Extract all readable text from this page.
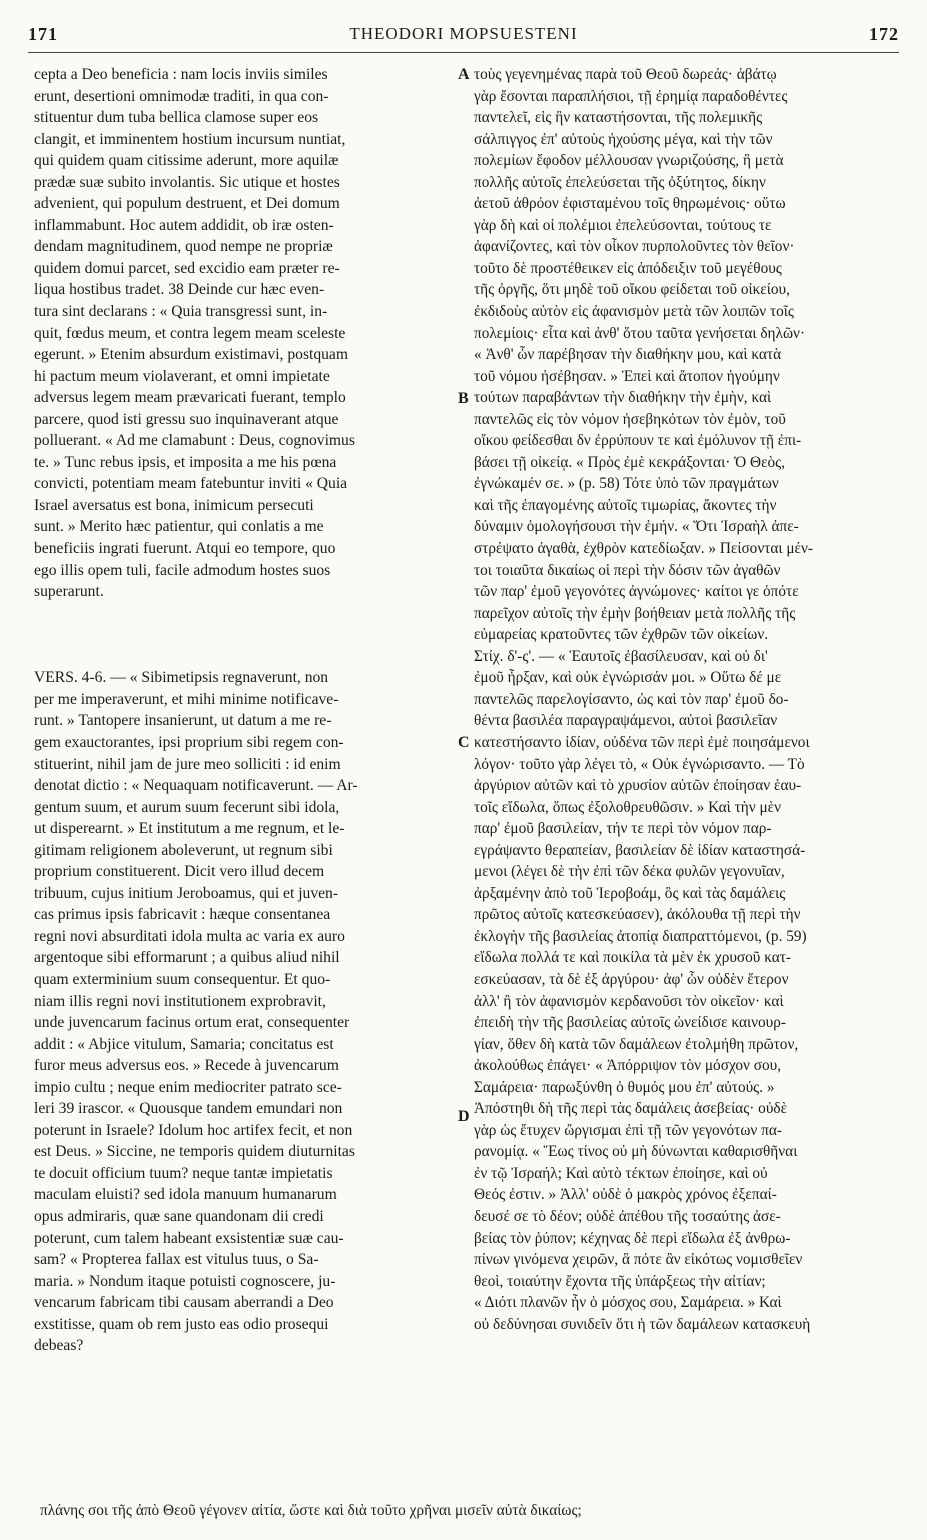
171	THEODORI MOPSUESTENI	172
cepta a Deo beneficia : nam locis inviis similes
erunt, desertioni omnimodæ traditi, in qua con-
stituentur dum tuba bellica clamose super eos
clangit, et imminentem hostium incursum nuntiat,
qui quidem quam citissime aderunt, more aquilæ
prædæ suæ subito involantis. Sic utique et hostes
advenient, qui populum destruent, et Dei domum
inflammabunt. Hoc autem addidit, ob iræ osten-
dendam magnitudinem, quod nempe ne propriæ
quidem domui parcet, sed excidio eam præter re-
liqua hostibus tradet. 38 Deinde cur hæc even-
tura sint declarans : « Quia transgressi sunt, in-
quit, fœdus meum, et contra legem meam scelestе
egerunt. » Etenim absurdum existimavi, postquam
hi pactum meum violaverant, et omni impietate
adversus legem meam prævaricati fuerant, templo
parcere, quod isti gressu suo inquinaverant atque
polluerant. « Ad me clamabunt : Deus, cognovimus
te. » Tunc rebus ipsis, et imposita a me his pœna
convicti, potentiam meam fatebuntur inviti « Quia
Israel aversatus est bona, inimicum persecuti
sunt. » Merito hæc patientur, qui conlatis a me
beneficiis ingrati fuerunt. Atqui eo tempore, quo
ego illis opem tuli, facile admodum hostes suos
superarunt.
VERS. 4-6. — « Sibimetipsis regnaverunt, non
per me imperaverunt, et mihi minime notificave-
runt. » Tantopere insanierunt, ut datum a me re-
gem exauctorantes, ipsi proprium sibi regem con-
stituerint, nihil jam de jure meo solliciti : id enim
denotat dictio : « Nequaquam notificaverunt. — Ar-
gentum suum, et aurum suum fecerunt sibi idola,
ut disperearnt. » Et institutum a me regnum, et le-
gitimam religionem aboleverunt, ut regnum sibi
proprium constituerent. Dicit vero illud decem
tribuum, cujus initium Jeroboamus, qui et juven-
cas primus ipsis fabricavit : hæque consentanea
regni novi absurditati idola multa ac varia ex auro
argentoque sibi efformarunt ; a quibus aliud nihil
quam exterminium suum consequentur. Et quo-
niam illis regni novi institutionem exprobravit,
unde juvencarum facinus ortum erat, consequenter
addit : « Abjice vitulum, Samaria; concitatus est
furor meus adversus eos. » Recede à juvencarum
impio cultu ; neque enim mediocriter patrato sce-
leri 39 irascor. « Quousque tandem emundari non
poterunt in Israele? Idolum hoc artifex fecit, et non
est Deus. » Siccine, ne temporis quidem diuturnitas
te docuit officium tuum? neque tantæ impietatis
maculam eluisti? sed idola manuum humanarum
opus admiraris, quæ sane quandonam dii credi
poterunt, cum talem habeant exsistentiæ suæ cau-
sam? « Propterea fallax est vitulus tuus, o Sa-
maria. » Nondum itaque potuisti cognoscere, ju-
vencarum fabricam tibi causam aberrandi a Deo
exstitisse, quam ob rem justo eas odio prosequi
debeas?
τοὺς γεγενημένας παρὰ τοῦ Θεοῦ δωρεάς· ἀβάτῳ
γὰρ ἔσονται παραπλήσιοι, τῇ ἐρημίᾳ παραδοθέντες
παντελεῖ, εἰς ἣν καταστήσονται, τῆς πολεμικῆς
σάλπιγγος ἐπ' αὐτοὺς ἠχούσης μέγα, καὶ τὴν τῶν
πολεμίων ἔφοδον μέλλουσαν γνωριζούσης, ἣ μετὰ
πολλῆς αὐτοῖς ἐπελεύσεται τῆς ὀξύτητος, δίκην
ἀετοῦ ἀθρόον ἐφισταμένου τοῖς θηρωμένοις· οὕτω
γὰρ δὴ καὶ οἱ πολέμιοι ἐπελεύσονται, τούτους τε
ἀφανίζοντες, καὶ τὸν οἶκον πυρπολοῦντες τὸν θεῖον·
τοῦτο δὲ προστέθεικεν εἰς ἀπόδειξιν τοῦ μεγέθους
τῆς ὀργῆς, ὅτι μηδὲ τοῦ οἴκου φείδεται τοῦ οἰκείου,
ἐκδιδοὺς αὐτὸν εἰς ἀφανισμὸν μετὰ τῶν λοιπῶν τοῖς
πολεμίοις· εἶτα καὶ ἀνθ' ὅτου ταῦτα γενήσεται δηλῶν·
« Ἀνθ' ὧν παρέβησαν τὴν διαθήκην μου, καὶ κατὰ
τοῦ νόμου ἠσέβησαν. » Ἐπεὶ καὶ ἄτοπον ἡγούμην
τούτων παραβάντων τὴν διαθήκην τὴν ἐμὴν, καὶ
παντελῶς εἰς τὸν νόμον ἠσεβηκότων τὸν ἐμὸν, τοῦ
οἴκου φείδεσθαι δν ἐρρύπουν τε καὶ ἐμόλυνον τῇ ἐπι-
βάσει τῇ οἰκείᾳ. « Πρὸς ἐμὲ κεκράξονται· Ὁ Θεὸς,
ἐγνώκαμέν σε. » (p. 58) Τότε ὑπὸ τῶν πραγμάτων
καὶ τῆς ἐπαγομένης αὐτοῖς τιμωρίας, ἄκοντες τὴν
δύναμιν ὁμολογήσουσι τὴν ἐμήν. « Ὅτι Ἰσραὴλ ἀπε-
στρέψατο ἀγαθὰ, ἐχθρὸν κατεδίωξαν. » Πείσονται μέν-
τοι τοιαῦτα δικαίως οἱ περὶ τὴν δόσιν τῶν ἀγαθῶν
τῶν παρ' ἐμοῦ γεγονότες ἀγνώμονες· καίτοι γε ὁπότε
παρεῖχον αὐτοῖς τὴν ἐμὴν βοήθειαν μετὰ πολλῆς τῆς
εὐμαρείας κρατοῦντες τῶν ἐχθρῶν τῶν οἰκείων.
Στίχ. δ'-ς'. — « Ἑαυτοῖς ἐβασίλευσαν, καὶ οὐ δι'
ἐμοῦ ἦρξαν, καὶ οὐκ ἐγνώρισάν μοι. » Οὕτω δέ με
παντελῶς παρελογίσαντο, ὡς καὶ τὸν παρ' ἐμοῦ δο-
θέντα βασιλέα παραγραψάμενοι, αὐτοὶ βασιλεῖαν
κατεστήσαντο ἰδίαν, οὐδένα τῶν περὶ ἐμὲ ποιησάμενοι
λόγον· τοῦτο γὰρ λέγει τὸ, « Οὐκ ἐγνώρισαντο. — Τὸ
ἀργύριον αὐτῶν καὶ τὸ χρυσίον αὐτῶν ἐποίησαν ἑαυ-
τοῖς εἴδωλα, ὅπως ἐξολοθρευθῶσιν. » Καὶ τὴν μὲν
παρ' ἐμοῦ βασιλείαν, τήν τε περὶ τὸν νόμον παρ-
εγράψαντο θεραπείαν, βασιλείαν δὲ ἰδίαν καταστησά-
μενοι (λέγει δὲ τὴν ἐπὶ τῶν δέκα φυλῶν γεγονυῖαν,
ἀρξαμένην ἀπὸ τοῦ Ἱεροβοάμ, ὃς καὶ τὰς δαμάλεις
πρῶτος αὐτοῖς κατεσκεύασεν), ἀκόλουθα τῇ περὶ τὴν
ἐκλογὴν τῆς βασιλείας ἀτοπίᾳ διαπραττόμενοι, (p. 59)
εἴδωλα πολλά τε καὶ ποικίλα τὰ μὲν ἐκ χρυσοῦ κατ-
εσκεύασαν, τὰ δὲ ἐξ ἀργύρου· ἀφ' ὧν οὐδὲν ἕτερον
ἀλλ' ἢ τὸν ἀφανισμὸν κερδανοῦσι τὸν οἰκεῖον· καὶ
ἐπειδὴ τὴν τῆς βασιλείας αὐτοῖς ὠνείδισε καινουρ-
γίαν, ὅθεν δὴ κατὰ τῶν δαμάλεων ἐτολμήθη πρῶτον,
ἀκολούθως ἐπάγει· « Ἀπόρριψον τὸν μόσχον σου,
Σαμάρεια· παρωξύνθη ὁ θυμός μου ἐπ' αὐτούς. »
Ἀπόστηθι δὴ τῆς περὶ τὰς δαμάλεις ἀσεβείας· οὐδὲ
γὰρ ὡς ἔτυχεν ὤργισμαι ἐπὶ τῇ τῶν γεγονότων πα-
ρανομίᾳ. « Ἕως τίνος οὐ μὴ δύνωνται καθαρισθῆναι
ἐν τῷ Ἰσραήλ; Καὶ αὐτὸ τέκτων ἐποίησε, καὶ οὐ
Θεός ἐστιν. » Ἀλλ' οὐδὲ ὁ μακρὸς χρόνος ἐξεπαί-
δευσέ σε τὸ δέον; οὐδὲ ἀπέθου τῆς τοσαύτης ἀσε-
βείας τὸν ῥύπον; κέχηνας δὲ περὶ εἴδωλα ἐξ ἀνθρω-
πίνων γινόμενα χειρῶν, ἃ πότε ἂν εἰκότως νομισθεῖεν
θεοὶ, τοιαύτην ἔχοντα τῆς ὑπάρξεως τὴν αἰτίαν;
« Διότι πλανῶν ἦν ὁ μόσχος σου, Σαμάρεια. » Καὶ
οὐ δεδύνησαι συνιδεῖν ὅτι ἡ τῶν δαμάλεων κατασκευὴ
A
B
C
D
πλάνης σοι τῆς ἀπὸ Θεοῦ γέγονεν αἰτία, ὥστε καὶ διὰ τοῦτο χρῆναι μισεῖν αὐτὰ δικαίως;
